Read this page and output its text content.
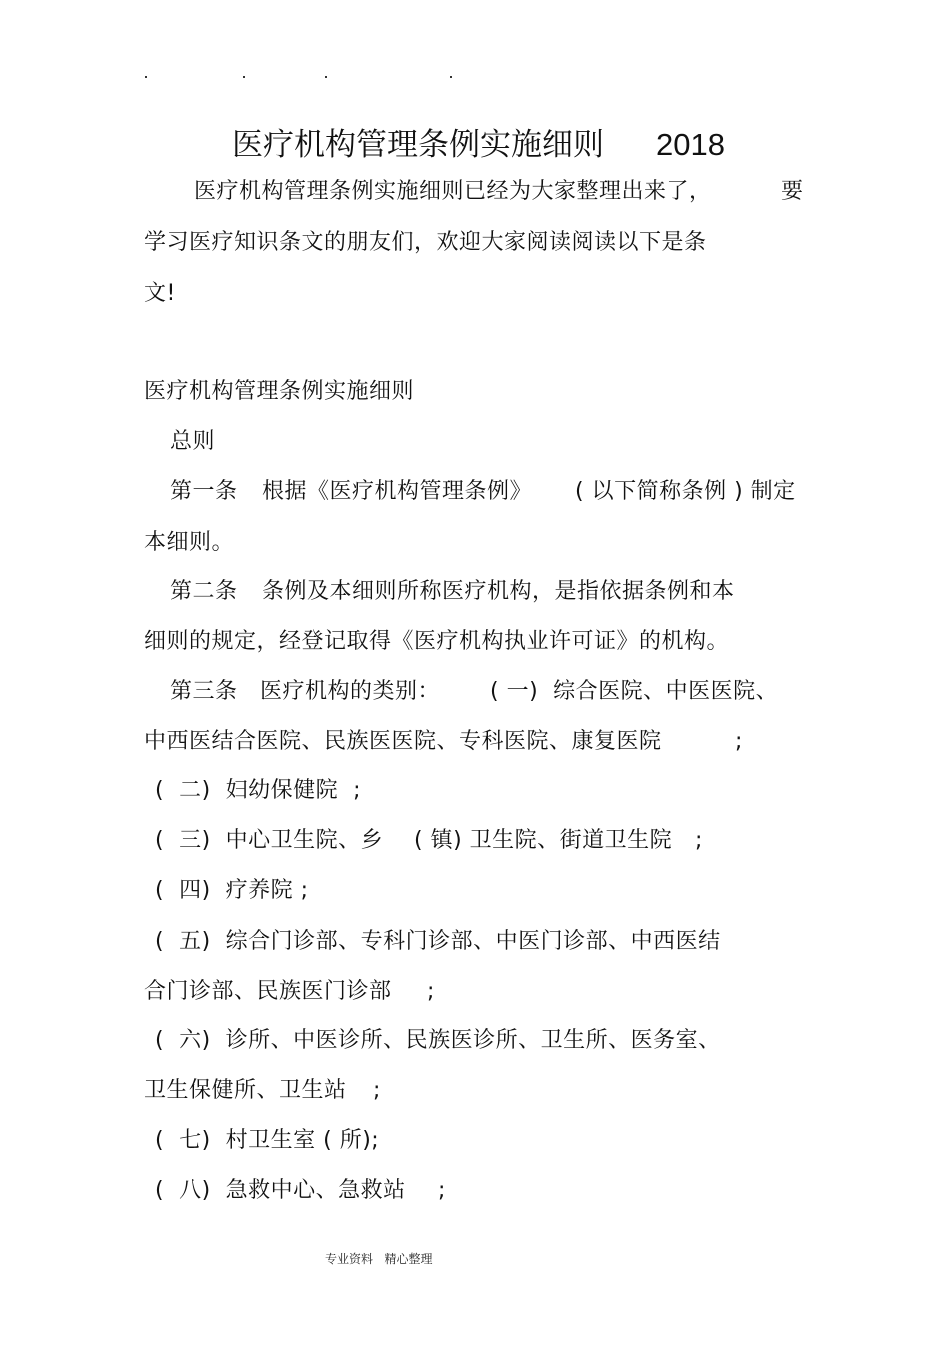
医疗机构管理条例实施细则 2018
医疗机构管理条例实施细则已经为大家整理出来了，	要
学习医疗知识条文的朋友们，欢迎大家阅读阅读以下是条
文!
医疗机构管理条例实施细则
总则
第一条 根据《医疗机构管理条例》 ( 以下简称条例 ) 制定
本细则。
第二条 条例及本细则所称医疗机构，是指依据条例和本
细则的规定，经登记取得《医疗机构执业许可证》的机构。
第三条 医疗机构的类别： ( 一)  综合医院、中医医院、
中西医结合医院、民族医医院、专科医院、康复医院	;
(  二)  妇幼保健院  ;
(  三)  中心卫生院、乡 ( 镇) 卫生院、街道卫生院 ;
(  四)  疗养院 ;
(  五)  综合门诊部、专科门诊部、中医门诊部、中西医结
合门诊部、民族医门诊部 ;
(  六)  诊所、中医诊所、民族医诊所、卫生所、医务室、
卫生保健所、卫生站 ;
(  七)  村卫生室 ( 所);
(  八)  急救中心、急救站 ;
专业资料   精心整理
